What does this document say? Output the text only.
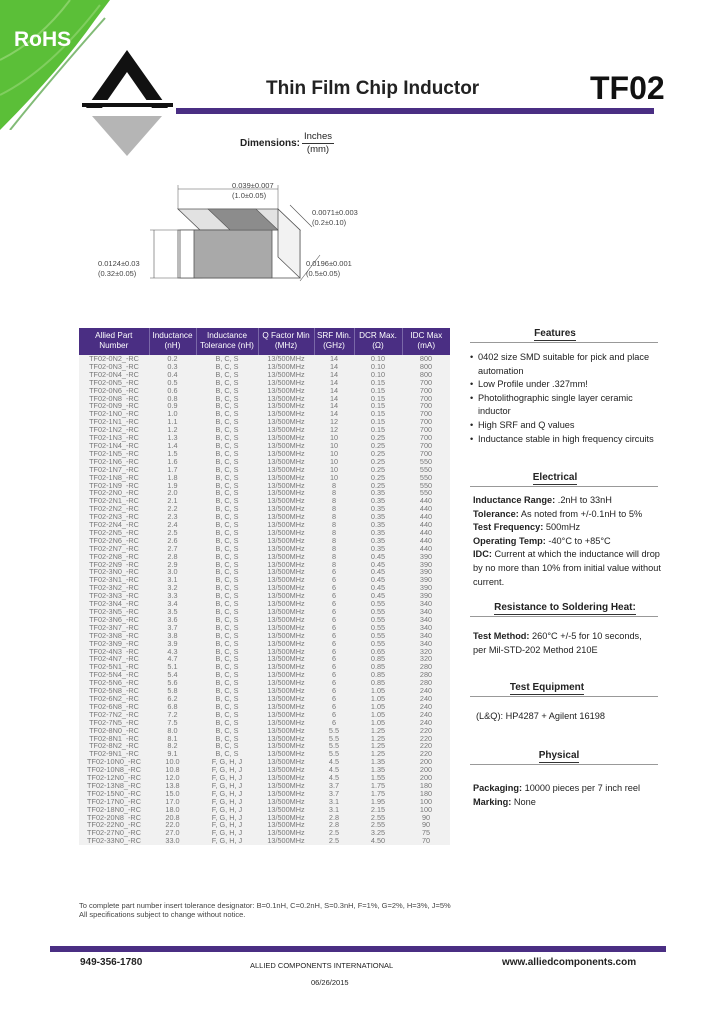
RoHS
Thin Film Chip Inductor	TF02
Dimensions:
Inches
(mm)
0.039±0.007
(1.0±0.05)
0.0071±0.003
(0.2±0.10)
0.0124±0.03
(0.32±0.05)
0.0196±0.001
(0.5±0.05)
Allied Part Number	Inductance (nH)	Inductance Tolerance (nH)	Q Factor Min (MHz)	SRF Min. (GHz)	DCR Max. (Ω)	IDC Max (mA)
TF02-0N2_-RC	0.2	B, C, S	13/500MHz	14	0.10	800
TF02-0N3_-RC	0.3	B, C, S	13/500MHz	14	0.10	800
TF02-0N4_-RC	0.4	B, C, S	13/500MHz	14	0.10	800
TF02-0N5_-RC	0.5	B, C, S	13/500MHz	14	0.15	700
TF02-0N6_-RC	0.6	B, C, S	13/500MHz	14	0.15	700
TF02-0N8_-RC	0.8	B, C, S	13/500MHz	14	0.15	700
TF02-0N9_-RC	0.9	B, C, S	13/500MHz	14	0.15	700
TF02-1N0_-RC	1.0	B, C, S	13/500MHz	14	0.15	700
TF02-1N1_-RC	1.1	B, C, S	13/500MHz	12	0.15	700
TF02-1N2_-RC	1.2	B, C, S	13/500MHz	12	0.15	700
TF02-1N3_-RC	1.3	B, C, S	13/500MHz	10	0.25	700
TF02-1N4_-RC	1.4	B, C, S	13/500MHz	10	0.25	700
TF02-1N5_-RC	1.5	B, C, S	13/500MHz	10	0.25	700
TF02-1N6_-RC	1.6	B, C, S	13/500MHz	10	0.25	550
TF02-1N7_-RC	1.7	B, C, S	13/500MHz	10	0.25	550
TF02-1N8_-RC	1.8	B, C, S	13/500MHz	10	0.25	550
TF02-1N9_-RC	1.9	B, C, S	13/500MHz	8	0.25	550
TF02-2N0_-RC	2.0	B, C, S	13/500MHz	8	0.35	550
TF02-2N1_-RC	2.1	B, C, S	13/500MHz	8	0.35	440
TF02-2N2_-RC	2.2	B, C, S	13/500MHz	8	0.35	440
TF02-2N3_-RC	2.3	B, C, S	13/500MHz	8	0.35	440
TF02-2N4_-RC	2.4	B, C, S	13/500MHz	8	0.35	440
TF02-2N5_-RC	2.5	B, C, S	13/500MHz	8	0.35	440
TF02-2N6_-RC	2.6	B, C, S	13/500MHz	8	0.35	440
TF02-2N7_-RC	2.7	B, C, S	13/500MHz	8	0.35	440
TF02-2N8_-RC	2.8	B, C, S	13/500MHz	8	0.45	390
TF02-2N9_-RC	2.9	B, C, S	13/500MHz	8	0.45	390
TF02-3N0_-RC	3.0	B, C, S	13/500MHz	6	0.45	390
TF02-3N1_-RC	3.1	B, C, S	13/500MHz	6	0.45	390
TF02-3N2_-RC	3.2	B, C, S	13/500MHz	6	0.45	390
TF02-3N3_-RC	3.3	B, C, S	13/500MHz	6	0.45	390
TF02-3N4_-RC	3.4	B, C, S	13/500MHz	6	0.55	340
TF02-3N5_-RC	3.5	B, C, S	13/500MHz	6	0.55	340
TF02-3N6_-RC	3.6	B, C, S	13/500MHz	6	0.55	340
TF02-3N7_-RC	3.7	B, C, S	13/500MHz	6	0.55	340
TF02-3N8_-RC	3.8	B, C, S	13/500MHz	6	0.55	340
TF02-3N9_-RC	3.9	B, C, S	13/500MHz	6	0.55	340
TF02-4N3_-RC	4.3	B, C, S	13/500MHz	6	0.65	320
TF02-4N7_-RC	4.7	B, C, S	13/500MHz	6	0.85	320
TF02-5N1_-RC	5.1	B, C, S	13/500MHz	6	0.85	280
TF02-5N4_-RC	5.4	B, C, S	13/500MHz	6	0.85	280
TF02-5N6_-RC	5.6	B, C, S	13/500MHz	6	0.85	280
TF02-5N8_-RC	5.8	B, C, S	13/500MHz	6	1.05	240
TF02-6N2_-RC	6.2	B, C, S	13/500MHz	6	1.05	240
TF02-6N8_-RC	6.8	B, C, S	13/500MHz	6	1.05	240
TF02-7N2_-RC	7.2	B, C, S	13/500MHz	6	1.05	240
TF02-7N5_-RC	7.5	B, C, S	13/500MHz	6	1.05	240
TF02-8N0_-RC	8.0	B, C, S	13/500MHz	5.5	1.25	220
TF02-8N1_-RC	8.1	B, C, S	13/500MHz	5.5	1.25	220
TF02-8N2_-RC	8.2	B, C, S	13/500MHz	5.5	1.25	220
TF02-9N1_-RC	9.1	B, C, S	13/500MHz	5.5	1.25	220
TF02-10N0_-RC	10.0	F, G, H, J	13/500MHz	4.5	1.35	200
TF02-10N8_-RC	10.8	F, G, H, J	13/500MHz	4.5	1.35	200
TF02-12N0_-RC	12.0	F, G, H, J	13/500MHz	4.5	1.55	200
TF02-13N8_-RC	13.8	F, G, H, J	13/500MHz	3.7	1.75	180
TF02-15N0_-RC	15.0	F, G, H, J	13/500MHz	3.7	1.75	180
TF02-17N0_-RC	17.0	F, G, H, J	13/500MHz	3.1	1.95	100
TF02-18N0_-RC	18.0	F, G, H, J	13/500MHz	3.1	2.15	100
TF02-20N8_-RC	20.8	F, G, H, J	13/500MHz	2.8	2.55	90
TF02-22N0_-RC	22.0	F, G, H, J	13/500MHz	2.8	2.55	90
TF02-27N0_-RC	27.0	F, G, H, J	13/500MHz	2.5	3.25	75
TF02-33N0_-RC	33.0	F, G, H, J	13/500MHz	2.5	4.50	70
To complete part number insert tolerance designator: B=0.1nH, C=0.2nH, S=0.3nH, F=1%, G=2%, H=3%, J=5%
All specifications subject to change without notice.
Features
• 0402 size SMD suitable for pick and place automation
• Low Profile under .327mm!
• Photolithographic single layer ceramic inductor
• High SRF and Q values
• Inductance stable in high frequency circuits
Electrical
Inductance Range: .2nH to 33nH
Tolerance: As noted from +/-0.1nH to 5%
Test Frequency: 500mHz
Operating Temp: -40°C to +85°C
IDC: Current at which the inductance will drop by no more than 10% from initial value without current.
Resistance to Soldering Heat:
Test Method: 260°C +/-5 for 10 seconds,
per Mil-STD-202 Method 210E
Test Equipment
(L&Q): HP4287 + Agilent 16198
Physical
Packaging: 10000 pieces per 7 inch reel
Marking: None
949-356-1780	ALLIED COMPONENTS INTERNATIONAL	www.alliedcomponents.com
06/26/2015
